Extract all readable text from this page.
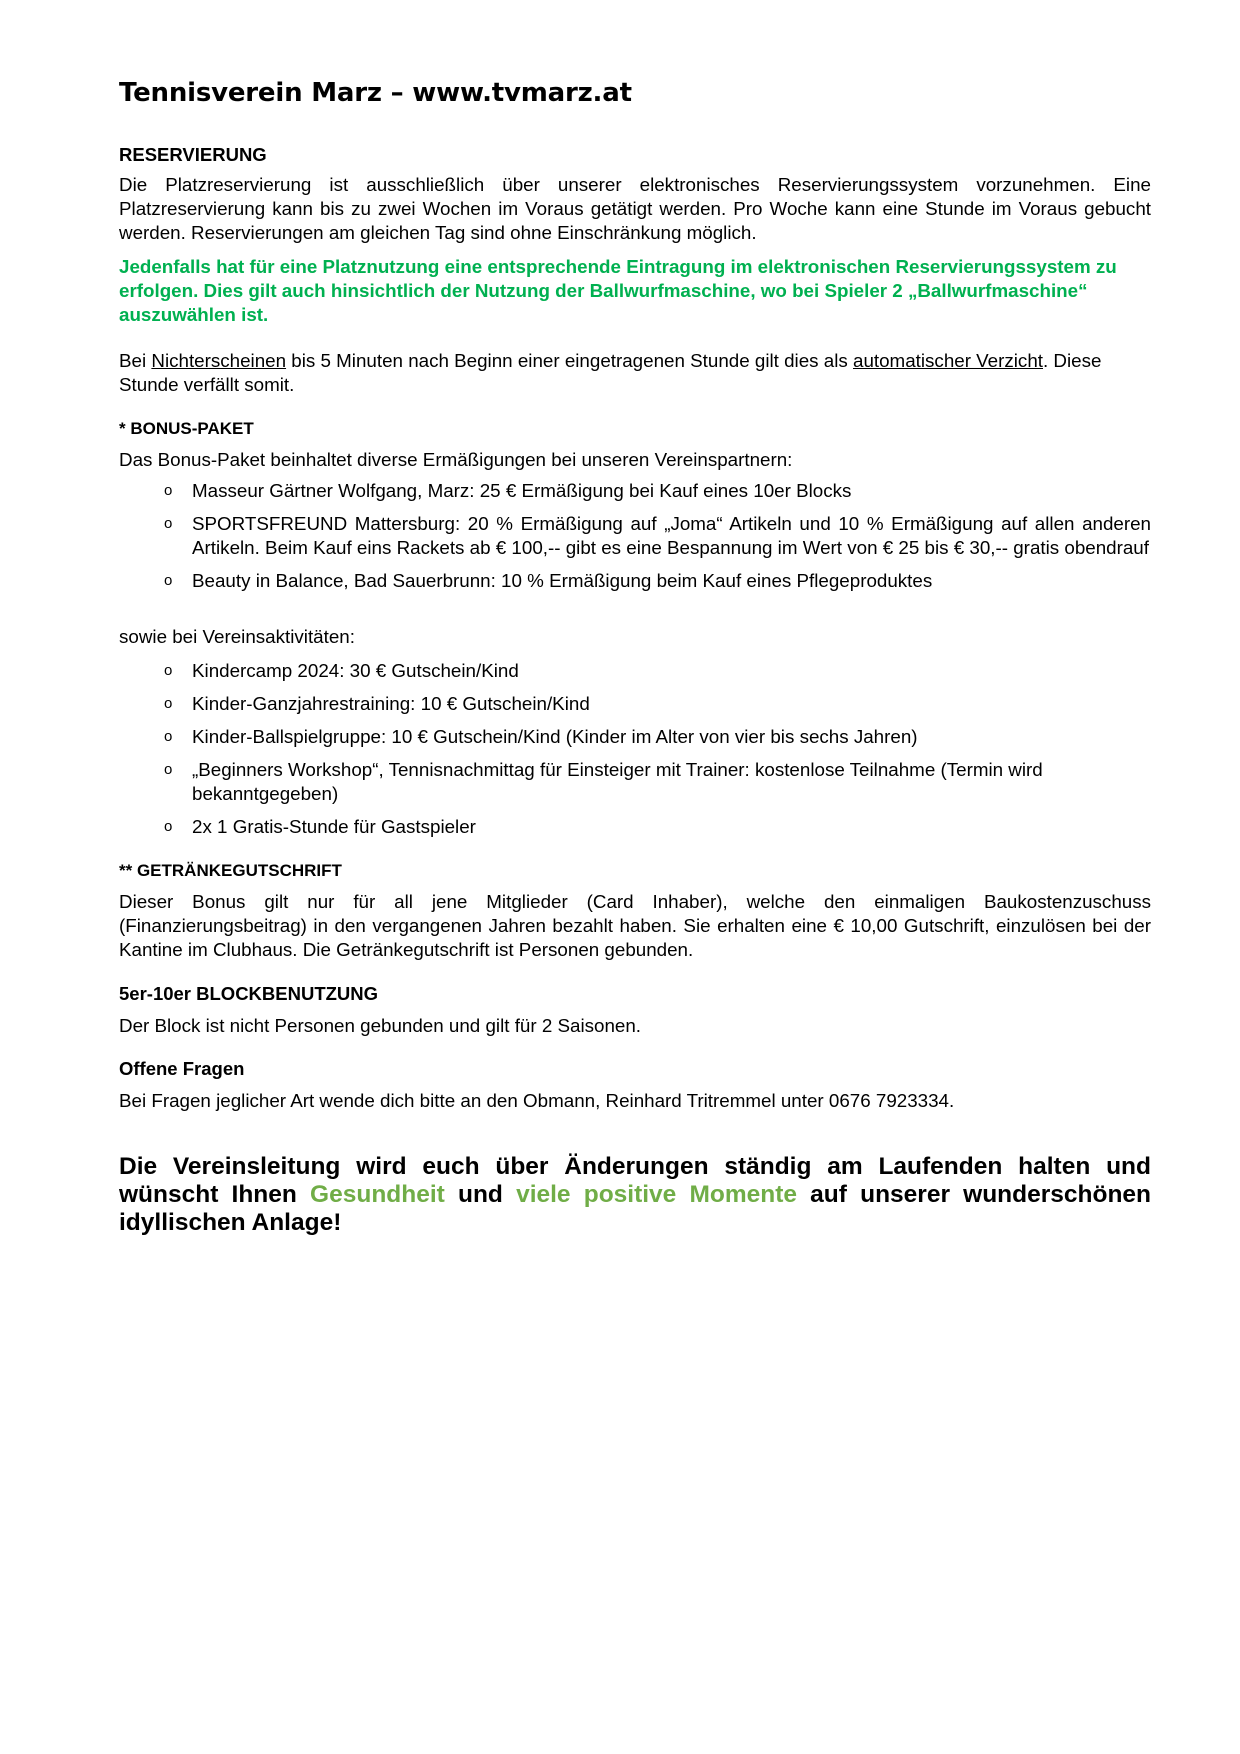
Tennisverein Marz – www.tvmarz.at
RESERVIERUNG

Die Platzreservierung ist ausschließlich über unserer elektronisches Reservierungssystem vorzunehmen. Eine Platzreservierung kann bis zu zwei Wochen im Voraus getätigt werden. Pro Woche kann eine Stunde im Voraus gebucht werden. Reservierungen am gleichen Tag sind ohne Einschränkung möglich.

Jedenfalls hat für eine Platznutzung eine entsprechende Eintragung im elektronischen Reservierungssystem zu erfolgen. Dies gilt auch hinsichtlich der Nutzung der Ballwurfmaschine, wo bei Spieler 2 „Ballwurfmaschine“ auszuwählen ist.

Bei Nichterscheinen bis 5 Minuten nach Beginn einer eingetragenen Stunde gilt dies als automatischer Verzicht. Diese Stunde verfällt somit.

* BONUS-PAKET

Das Bonus-Paket beinhaltet diverse Ermäßigungen bei unseren Vereinspartnern:

o Masseur Gärtner Wolfgang, Marz: 25 € Ermäßigung bei Kauf eines 10er Blocks
o SPORTSFREUND Mattersburg: 20 % Ermäßigung auf „Joma“ Artikeln und 10 % Ermäßigung auf allen anderen Artikeln. Beim Kauf eins Rackets ab € 100,-- gibt es eine Bespannung im Wert von € 25 bis € 30,-- gratis obendrauf
o Beauty in Balance, Bad Sauerbrunn: 10 % Ermäßigung beim Kauf eines Pflegeproduktes

sowie bei Vereinsaktivitäten:

o Kindercamp 2024: 30 € Gutschein/Kind
o Kinder-Ganzjahrestraining: 10 € Gutschein/Kind
o Kinder-Ballspielgruppe: 10 € Gutschein/Kind (Kinder im Alter von vier bis sechs Jahren)
o „Beginners Workshop“, Tennisnachmittag für Einsteiger mit Trainer: kostenlose Teilnahme (Termin wird bekanntgegeben)
o 2x 1 Gratis-Stunde für Gastspieler
** GETRÄNKEGUTSCHRIFT

Dieser Bonus gilt nur für all jene Mitglieder (Card Inhaber), welche den einmaligen Baukostenzuschuss (Finanzierungsbeitrag) in den vergangenen Jahren bezahlt haben. Sie erhalten eine € 10,00 Gutschrift, einzulösen bei der Kantine im Clubhaus. Die Getränkegutschrift ist Personen gebunden.

5er-10er BLOCKBENUTZUNG

Der Block ist nicht Personen gebunden und gilt für 2 Saisonen.

Offene Fragen

Bei Fragen jeglicher Art wende dich bitte an den Obmann, Reinhard Tritremmel unter 0676 7923334.

Die Vereinsleitung wird euch über Änderungen ständig am Laufenden halten und wünscht Ihnen Gesundheit und viele positive Momente auf unserer wunderschönen idyllischen Anlage!
